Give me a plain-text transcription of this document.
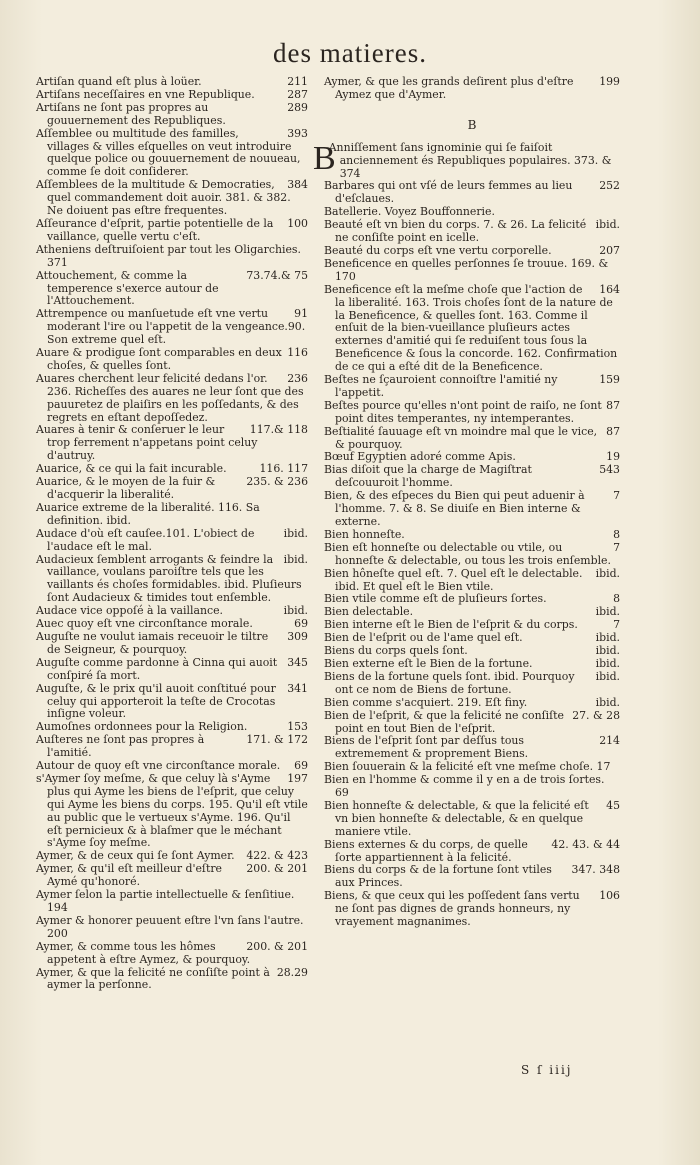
des matieres.

211
Artiſan quand eſt plus à loüer.

287
Artiſans neceſſaires en vne Republique.

289
Artiſans ne ſont pas propres au gouuernement des Republiques.

393
Aſſemblee ou multitude des familles, villages & villes eſquelles on veut introduire quelque police ou gouuernement de nouueau, comme ſe doit conſiderer.

384
Aſſemblees de la multitude & Democraties, quel commandement doit auoir. 381. & 382. Ne doiuent pas eſtre frequentes.

100
Aſſeurance d'eſprit, partie potentielle de la vaillance, quelle vertu c'eſt.

Atheniens deſtruiſoient par tout les Oligarchies. 371

73.74.& 75
Attouchement, & comme la temperence s'exerce autour de l'Attouchement.

91
Attrempence ou manſuetude eſt vne vertu moderant l'ire ou l'appetit de la vengeance.90. Son extreme quel eſt.

116
Auare & prodigue ſont comparables en deux choſes, & quelles ſont.

236
Auares cherchent leur felicité dedans l'or. 236. Richeſſes des auares ne leur ſont que des pauuretez de plaiſirs en les poſſedants, & des regrets en eſtant depoſſedez.

117.& 118
Auares à tenir & conſeruer le leur trop ferrement n'appetans point celuy d'autruy.

116. 117
Auarice, & ce qui la fait incurable.

235. & 236
Auarice, & le moyen de la fuir & d'acquerir la liberalité.

Auarice extreme de la liberalité. 116. Sa definition. ibid.

ibid.
Audace d'où eſt cauſee.101. L'obiect de l'audace eſt le mal.

ibid.
Audacieux ſemblent arrogants & feindre la vaillance, voulans paroiſtre tels que les vaillants és choſes formidables. ibid. Pluſieurs ſont Audacieux & timides tout enſemble.

ibid.
Audace vice oppoſé à la vaillance.

69
Auec quoy eſt vne circonſtance morale.

309
Auguſte ne voulut iamais receuoir le tiltre de Seigneur, & pourquoy.

345
Auguſte comme pardonne à Cinna qui auoit conſpiré ſa mort.

341
Auguſte, & le prix qu'il auoit conſtitué pour celuy qui apporteroit la teſte de Crocotas inſigne voleur.

153
Aumoſnes ordonnees pour la Religion.

171. & 172
Auſteres ne ſont pas propres à l'amitié.

69
Autour de quoy eſt vne circonſtance morale.

197
s'Aymer ſoy meſme, & que celuy là s'Ayme plus qui Ayme les biens de l'eſprit, que celuy qui Ayme les biens du corps. 195. Qu'il eſt vtile au public que le vertueux s'Ayme. 196. Qu'il eſt pernicieux & à blaſmer que le méchant s'Ayme ſoy meſme.

422. & 423
Aymer, & de ceux qui ſe ſont Aymer.

200. & 201
Aymer, & qu'il eſt meilleur d'eſtre Aymé qu'honoré.

Aymer ſelon la partie intellectuelle & ſenſitiue. 194

Aymer & honorer peuuent eſtre l'vn ſans l'autre. 200

200. & 201
Aymer, & comme tous les hômes appetent à eſtre Aymez, & pourquoy.

28.29
Aymer, & que la felicité ne conſiſte point à aymer la perſonne.

199
Aymer, & que les grands deſirent plus d'eſtre Aymez que d'Aymer.

B

B
Anniſſement ſans ignominie qui ſe faiſoit anciennement és Republiques populaires. 373. & 374

252
Barbares qui ont vſé de leurs femmes au lieu d'eſclaues.

Batellerie. Voyez Bouffonnerie.

ibid.
Beauté eſt vn bien du corps. 7. & 26. La felicité ne conſiſte point en icelle.

207
Beauté du corps eſt vne vertu corporelle.

Beneficence en quelles perſonnes ſe trouue. 169. & 170

164
Beneficence eſt la meſme choſe que l'action de la liberalité. 163. Trois choſes ſont de la nature de la Beneficence, & quelles ſont. 163. Comme il enſuit de la bien-vueillance pluſieurs actes externes d'amitié qui ſe reduiſent tous ſous la Beneficence & ſous la concorde. 162. Confirmation de ce qui a eſté dit de la Beneficence.

159
Beſtes ne ſçauroient connoiſtre l'amitié ny l'appetit.

87
Beſtes pource qu'elles n'ont point de raiſo, ne ſont point dites temperantes, ny intemperantes.

87
Beſtialité ſauuage eſt vn moindre mal que le vice, & pourquoy.

19
Bœuf Egyptien adoré comme Apis.

543
Bias diſoit que la charge de Magiſtrat deſcouuroit l'homme.

7
Bien, & des eſpeces du Bien qui peut aduenir à l'homme. 7. & 8. Se diuiſe en Bien interne & externe.

8
Bien honneſte.

7
Bien eſt honneſte ou delectable ou vtile, ou honneſte & delectable, ou tous les trois enſemble.

ibid.
Bien hôneſte quel eſt. 7. Quel eſt le delectable. ibid. Et quel eſt le Bien vtile.

8
Bien vtile comme eſt de pluſieurs ſortes.

ibid.
Bien delectable.

7
Bien interne eſt le Bien de l'eſprit & du corps.

ibid.
Bien de l'eſprit ou de l'ame quel eſt.

ibid.
Biens du corps quels ſont.

ibid.
Bien externe eſt le Bien de la fortune.

ibid.
Biens de la fortune quels ſont. ibid. Pourquoy ont ce nom de Biens de fortune.

ibid.
Bien comme s'acquiert. 219. Eſt finy.

27. & 28
Bien de l'eſprit, & que la felicité ne conſiſte point en tout Bien de l'eſprit.

214
Biens de l'eſprit ſont par deſſus tous extremement & proprement Biens.

Bien ſouuerain & la felicité eſt vne meſme choſe. 17

Bien en l'homme & comme il y en a de trois ſortes. 69

45
Bien honneſte & delectable, & que la felicité eſt vn bien honneſte & delectable, & en quelque maniere vtile.

42. 43. & 44
Biens externes & du corps, de quelle ſorte appartiennent à la felicité.

347. 348
Biens du corps & de la fortune ſont vtiles aux Princes.

106
Biens, & que ceux qui les poſſedent ſans vertu ne ſont pas dignes de grands honneurs, ny vrayement magnanimes.

S ſ iiij
